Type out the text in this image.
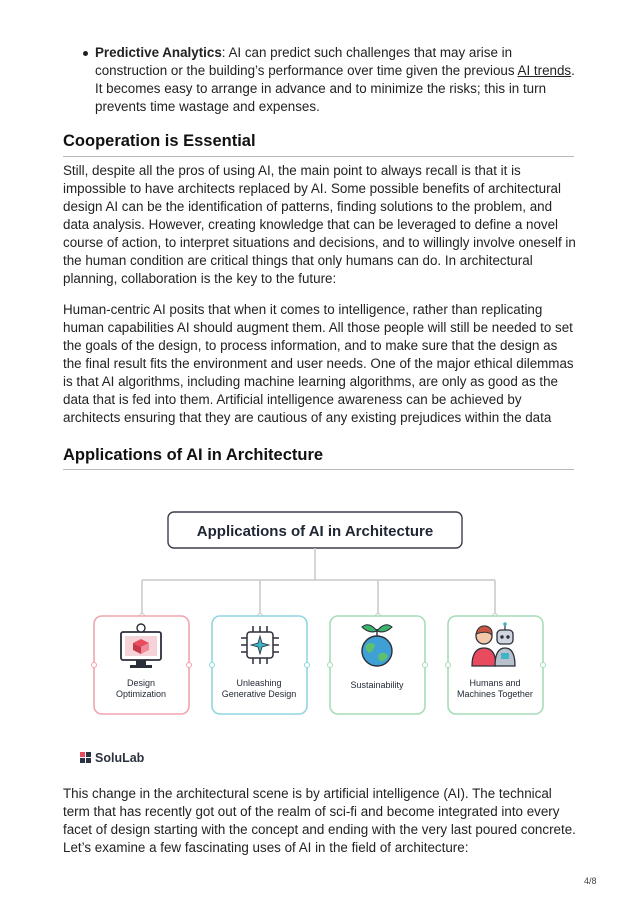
Predictive Analytics: AI can predict such challenges that may arise in construction or the building’s performance over time given the previous AI trends. It becomes easy to arrange in advance and to minimize the risks; this in turn prevents time wastage and expenses.
Cooperation is Essential

Still, despite all the pros of using AI, the main point to always recall is that it is impossible to have architects replaced by AI. Some possible benefits of architectural design AI can be the identification of patterns, finding solutions to the problem, and data analysis. However, creating knowledge that can be leveraged to define a novel course of action, to interpret situations and decisions, and to willingly involve oneself in the human condition are critical things that only humans can do. In architectural planning, collaboration is the key to the future:

Human-centric AI posits that when it comes to intelligence, rather than replicating human capabilities AI should augment them. All those people will still be needed to set the goals of the design, to process information, and to make sure that the design as the final result fits the environment and user needs. One of the major ethical dilemmas is that AI algorithms, including machine learning algorithms, are only as good as the data that is fed into them. Artificial intelligence awareness can be achieved by architects ensuring that they are cautious of any existing prejudices within the data

Applications of AI in Architecture
Applications of AI in Architecture
Design
Optimization
Unleashing
Generative Design
Sustainability	Humans and
Machines Together
SoluLab

This change in the architectural scene is by artificial intelligence (AI). The technical term that has recently got out of the realm of sci-fi and become integrated into every facet of design starting with the concept and ending with the very last poured concrete. Let’s examine a few fascinating uses of AI in the field of architecture:

4/8
